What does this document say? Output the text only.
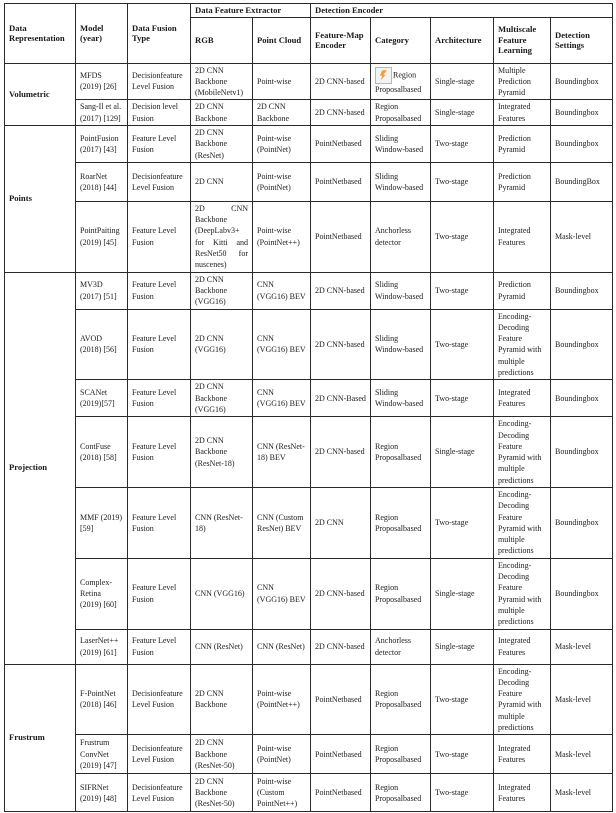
Data Representation	Model (year)	Data Fusion Type	Data Feature Extractor		Detection Encoder				
			RGB	Point Cloud	Feature-Map Encoder	Category	Architecture	Multiscale Feature Learning	Detection Settings
Volumetric	MFDS (2019) [26]	Decisionfeature Level Fusion	2D CNN Backbone (MobileNetv1)	Point-wise	2D CNN-based	Region Proposalbased	Single-stage	Multiple Prediction Pyramid	Boundingbox
	Sang-Il et al. (2017) [129]	Decision level Fusion	2D CNN Backbone	2D CNN Backbone	2D CNN-based	Region Proposalbased	Single-stage	Integrated Features	Boundingbox
Points	PointFusion (2017) [43]	Feature Level Fusion	2D CNN Backbone (ResNet)	Point-wise (PointNet)	PointNetbased	Sliding Window-based	Two-stage	Prediction Pyramid	Boundingbox
	RoarNet (2018) [44]	Decisionfeature Level Fusion	2D CNN	Point-wise (PointNet)	PointNetbased	Sliding Window-based	Two-stage	Prediction Pyramid	BoundingBox
	PointPaiting (2019) [45]	Feature Level Fusion	2D CNN Backbone (DeepLabv3+ for Kitti and ResNet50 for nuscenes)	Point-wise (PointNet++)	PointNetbased	Anchorless detector	Two-stage	Integrated Features	Mask-level
Projection	MV3D (2017) [51]	Feature Level Fusion	2D CNN Backbone (VGG16)	CNN (VGG16) BEV	2D CNN-based	Sliding Window-based	Two-stage	Prediction Pyramid	Boundingbox
	AVOD (2018) [56]	Feature Level Fusion	2D CNN (VGG16)	CNN (VGG16) BEV	2D CNN-based	Sliding Window-based	Two-stage	Encoding-Decoding Feature Pyramid with multiple predictions	Boundingbox
	SCANet (2019)[57]	Feature Level Fusion	2D CNN Backbone (VGG16)	CNN (VGG16) BEV	2D CNN-Based	Sliding Window-based	Two-stage	Integrated Features	Boundingbox
	ContFuse (2018) [58]	Feature Level Fusion	2D CNN Backbone (ResNet-18)	CNN (ResNet-18) BEV	2D CNN-based	Region Proposalbased	Single-stage	Encoding-Decoding Feature Pyramid with multiple predictions	Boundingbox
	MMF (2019) [59]	Feature Level Fusion	CNN (ResNet-18)	CNN (Custom ResNet) BEV	2D CNN	Region Proposalbased	Two-stage	Encoding-Decoding Feature Pyramid with multiple predictions	Boundingbox
	Complex-Retina (2019) [60]	Feature Level Fusion	CNN (VGG16)	CNN (VGG16) BEV	2D CNN-based	Region Proposalbased	Single-stage	Encoding-Decoding Feature Pyramid with multiple predictions	Boundingbox
	LaserNet++ (2019) [61]	Feature Level Fusion	CNN (ResNet)	CNN (ResNet)	2D CNN-based	Anchorless detector	Single-stage	Integrated Features	Mask-level
Frustrum	F-PointNet (2018) [46]	Decisionfeature Level Fusion	2D CNN Backbone	Point-wise (PointNet++)	PointNetbased	Region Proposalbased	Two-stage	Encoding-Decoding Feature Pyramid with multiple predictions	Mask-level
	Frustrum ConvNet (2019) [47]	Decisionfeature Level Fusion	2D CNN Backbone (ResNet-50)	Point-wise (PointNet)	PointNetbased	Region Proposalbased	Two-stage	Integrated Features	Mask-level
	SIFRNet (2019) [48]	Decisionfeature Level Fusion	2D CNN Backbone (ResNet-50)	Point-wise (Custom PointNet++)	PointNetbased	Region Proposalbased	Two-stage	Integrated Features	Mask-level
